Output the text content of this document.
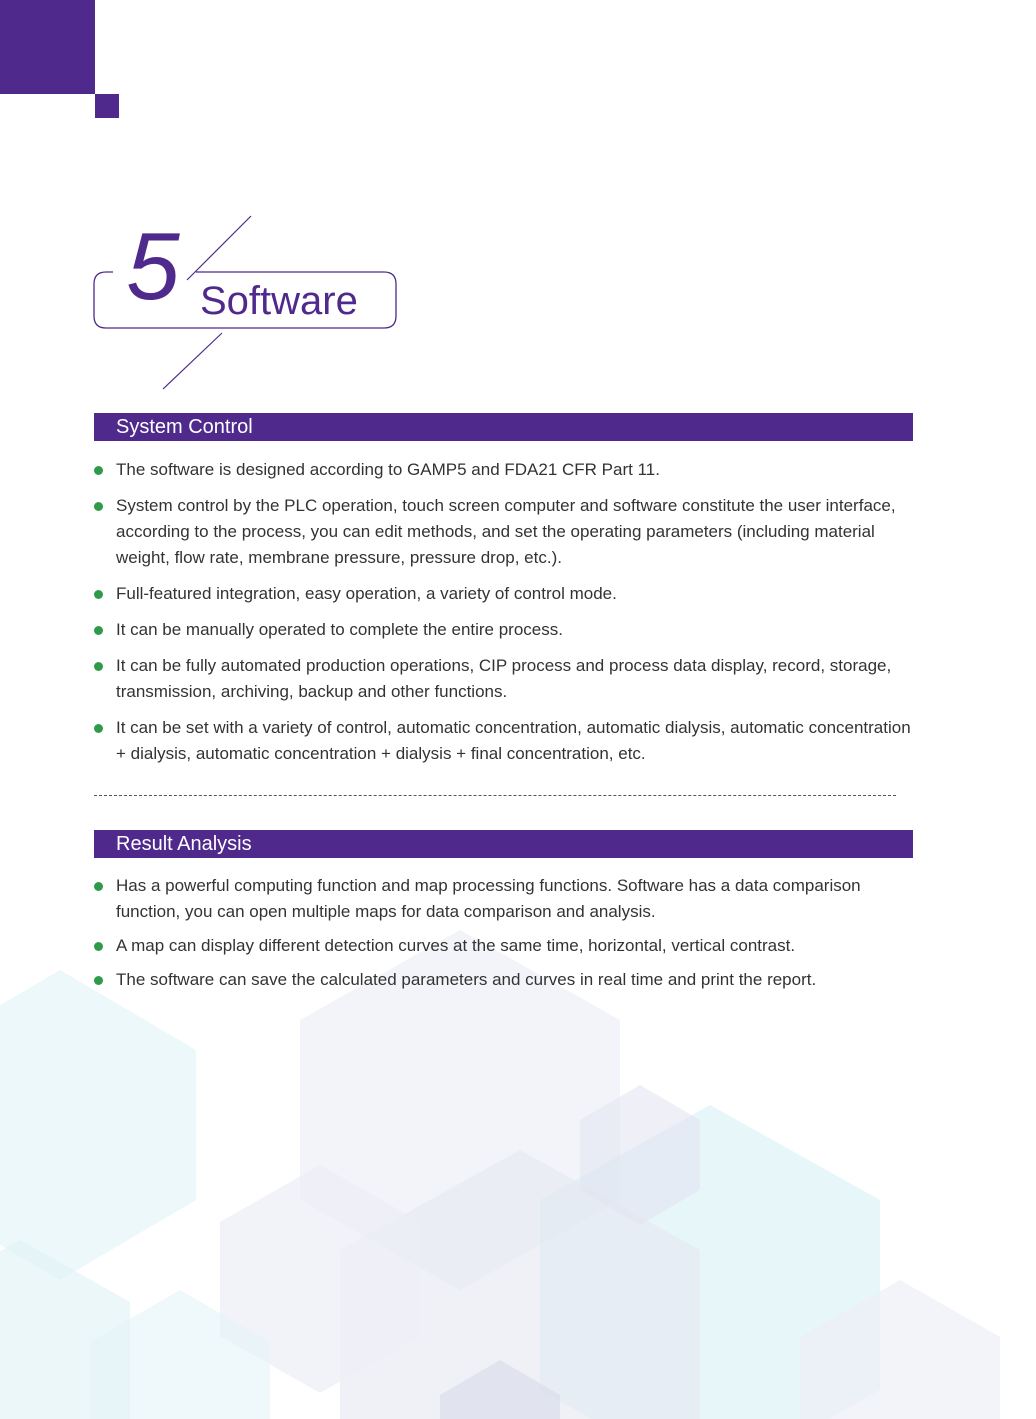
5 Software
System Control
The software is designed according to GAMP5 and FDA21 CFR Part 11.
System control by the PLC operation, touch screen computer and software constitute the user interface, according to the process, you can edit methods, and set the operating parameters (including material weight, flow rate, membrane pressure, pressure drop, etc.).
Full-featured integration, easy operation, a variety of control mode.
It can be manually operated to complete the entire process.
It can be fully automated production operations, CIP process and process data display, record, storage, transmission, archiving, backup and other functions.
It can be set with a variety of control, automatic concentration, automatic dialysis, automatic concentration + dialysis, automatic concentration + dialysis + final concentration, etc.
Result Analysis
Has a powerful computing function and map processing functions. Software has a data comparison function, you can open multiple maps for data comparison and analysis.
A map can display different detection curves at the same time, horizontal, vertical contrast.
The software can save the calculated parameters and curves in real time and print the report.
